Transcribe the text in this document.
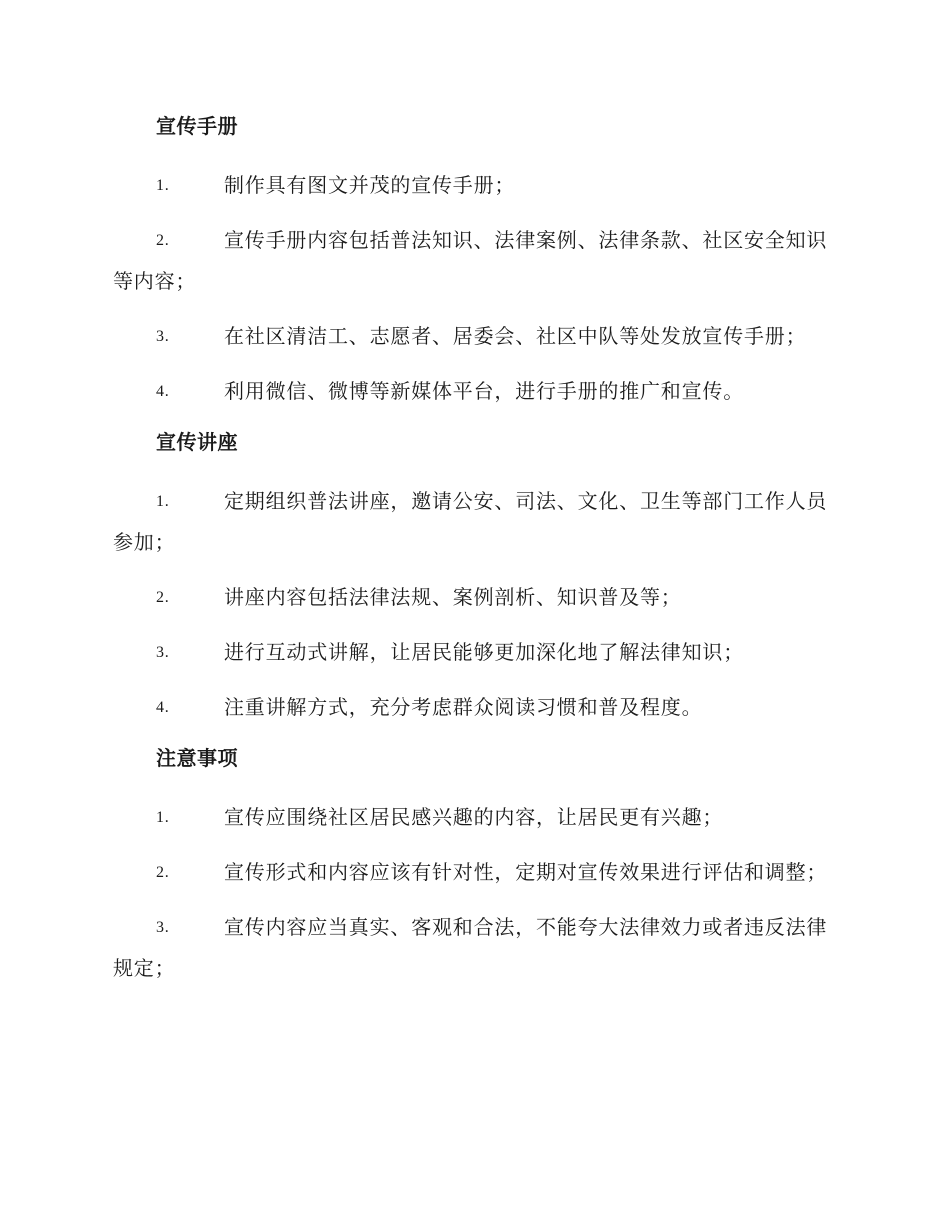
宣传手册
1.	制作具有图文并茂的宣传手册；
2.	宣传手册内容包括普法知识、法律案例、法律条款、社区安全知识等内容；
3.	在社区清洁工、志愿者、居委会、社区中队等处发放宣传手册；
4.	利用微信、微博等新媒体平台，进行手册的推广和宣传。
宣传讲座
1.	定期组织普法讲座，邀请公安、司法、文化、卫生等部门工作人员参加；
2.	讲座内容包括法律法规、案例剖析、知识普及等；
3.	进行互动式讲解，让居民能够更加深化地了解法律知识；
4.	注重讲解方式，充分考虑群众阅读习惯和普及程度。
注意事项
1.	宣传应围绕社区居民感兴趣的内容，让居民更有兴趣；
2.	宣传形式和内容应该有针对性，定期对宣传效果进行评估和调整；
3.	宣传内容应当真实、客观和合法，不能夸大法律效力或者违反法律规定；
